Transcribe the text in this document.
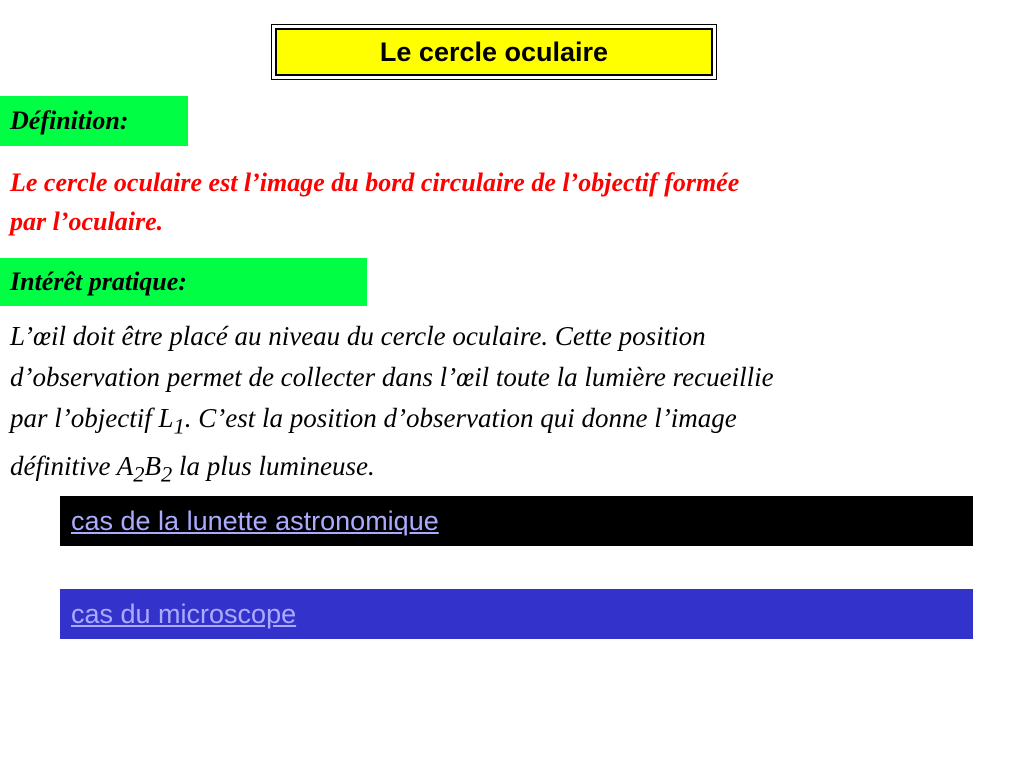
Le cercle oculaire
Définition:
Le cercle oculaire est l’image du bord circulaire de l’objectif formée
par l’oculaire.
Intérêt pratique:
L’œil doit être placé au niveau du cercle oculaire. Cette position
d’observation permet de collecter dans l’œil toute la lumière recueillie
par l’objectif $L_1$. C’est la position d’observation qui donne l’image
définitive $A_2B_2$ la plus lumineuse.
cas de la lunette astronomique
cas du microscope
